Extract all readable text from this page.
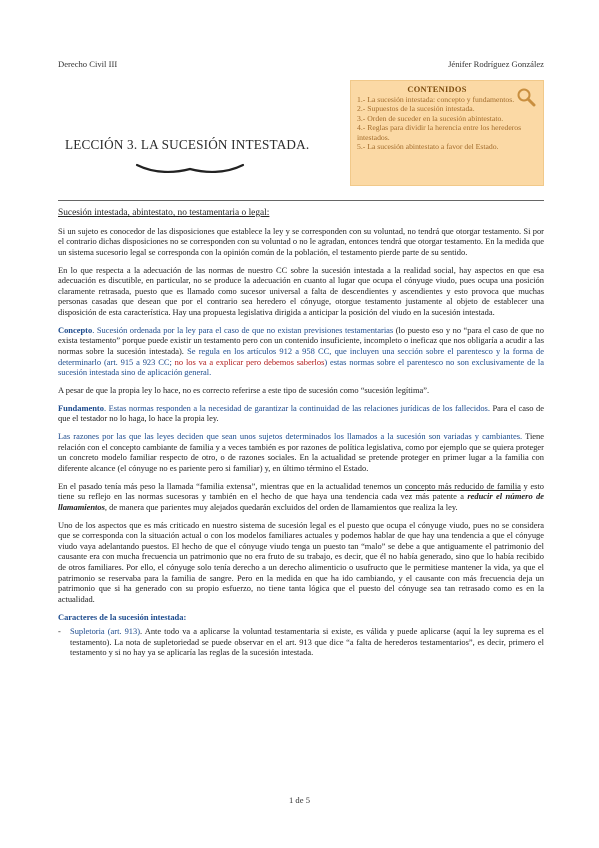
Derecho Civil III	Jénifer Rodríguez González
LECCIÓN 3. LA SUCESIÓN INTESTADA.
CONTENIDOS
1.- La sucesión intestada: concepto y fundamentos.
2.- Supuestos de la sucesión intestada.
3.- Orden de suceder en la sucesión abintestato.
4.- Reglas para dividir la herencia entre los herederos intestados.
5.- La sucesión abintestato a favor del Estado.

Sucesión intestada, abintestato, no testamentaria o legal:

Si un sujeto es conocedor de las disposiciones que establece la ley y se corresponden con su voluntad, no tendrá que otorgar testamento. Si por el contrario dichas disposiciones no se corresponden con su voluntad o no le agradan, entonces tendrá que otorgar testamento. En la medida que un sistema sucesorio legal se corresponda con la opinión común de la población, el testamento pierde parte de su sentido.

En lo que respecta a la adecuación de las normas de nuestro CC sobre la sucesión intestada a la realidad social, hay aspectos en que esa adecuación es discutible, en particular, no se produce la adecuación en cuanto al lugar que ocupa el cónyuge viudo, pues ocupa una posición claramente retrasada, puesto que es llamado como sucesor universal a falta de descendientes y ascendientes y esto provoca que muchas personas casadas que desean que por el contrario sea heredero el cónyuge, otorgue testamento justamente al objeto de establecer una disposición de esta característica. Hay una propuesta legislativa dirigida a anticipar la posición del viudo en la sucesión intestada.

Concepto. Sucesión ordenada por la ley para el caso de que no existan previsiones testamentarias (lo puesto eso y no “para el caso de que no exista testamento” porque puede existir un testamento pero con un contenido insuficiente, incompleto o ineficaz que nos obligaría a acudir a las normas sobre la sucesión intestada). Se regula en los artículos 912 a 958 CC, que incluyen una sección sobre el parentesco y la forma de determinarlo (art. 915 a 923 CC; no los va a explicar pero debemos saberlos) estas normas sobre el parentesco no son exclusivamente de la sucesión intestada sino de aplicación general.

A pesar de que la propia ley lo hace, no es correcto referirse a este tipo de sucesión como “sucesión legítima”.

Fundamento. Estas normas responden a la necesidad de garantizar la continuidad de las relaciones jurídicas de los fallecidos. Para el caso de que el testador no lo haga, lo hace la propia ley.

Las razones por las que las leyes deciden que sean unos sujetos determinados los llamados a la sucesión son variadas y cambiantes. Tiene relación con el concepto cambiante de familia y a veces también es por razones de política legislativa, como por ejemplo que se quiera proteger un concreto modelo familiar respecto de otro, o de razones sociales. En la actualidad se pretende proteger en primer lugar a la familia con diferente alcance (el cónyuge no es pariente pero si familiar) y, en último término el Estado.

En el pasado tenía más peso la llamada “familia extensa”, mientras que en la actualidad tenemos un concepto más reducido de familia y esto tiene su reflejo en las normas sucesoras y también en el hecho de que haya una tendencia cada vez más patente a reducir el número de llamamientos, de manera que parientes muy alejados quedarán excluidos del orden de llamamientos que realiza la ley.

Uno de los aspectos que es más criticado en nuestro sistema de sucesión legal es el puesto que ocupa el cónyuge viudo, pues no se considera que se corresponda con la situación actual o con los modelos familiares actuales y podemos hablar de que hay una tendencia a que el cónyuge viudo vaya adelantando puestos. El hecho de que el cónyuge viudo tenga un puesto tan “malo” se debe a que antiguamente el patrimonio del causante era con mucha frecuencia un patrimonio que no era fruto de su trabajo, es decir, que él no había generado, sino que lo había recibido de otros familiares. Por ello, el cónyuge solo tenía derecho a un derecho alimenticio o usufructo que le permitiese mantener la vida, ya que el patrimonio se reservaba para la familia de sangre. Pero en la medida en que ha ido cambiando, y el causante con más frecuencia deja un patrimonio que si ha generado con su propio esfuerzo, no tiene tanta lógica que el puesto del cónyuge sea tan retrasado como es en la actualidad.

Caracteres de la sucesión intestada:

-	Supletoria (art. 913). Ante todo va a aplicarse la voluntad testamentaria si existe, es válida y puede aplicarse (aquí la ley suprema es el testamento). La nota de supletoriedad se puede observar en el art. 913 que dice “a falta de herederos testamentarios”, es decir, primero el testamento y si no hay ya se aplicaría las reglas de la sucesión intestada.
1 de 5
